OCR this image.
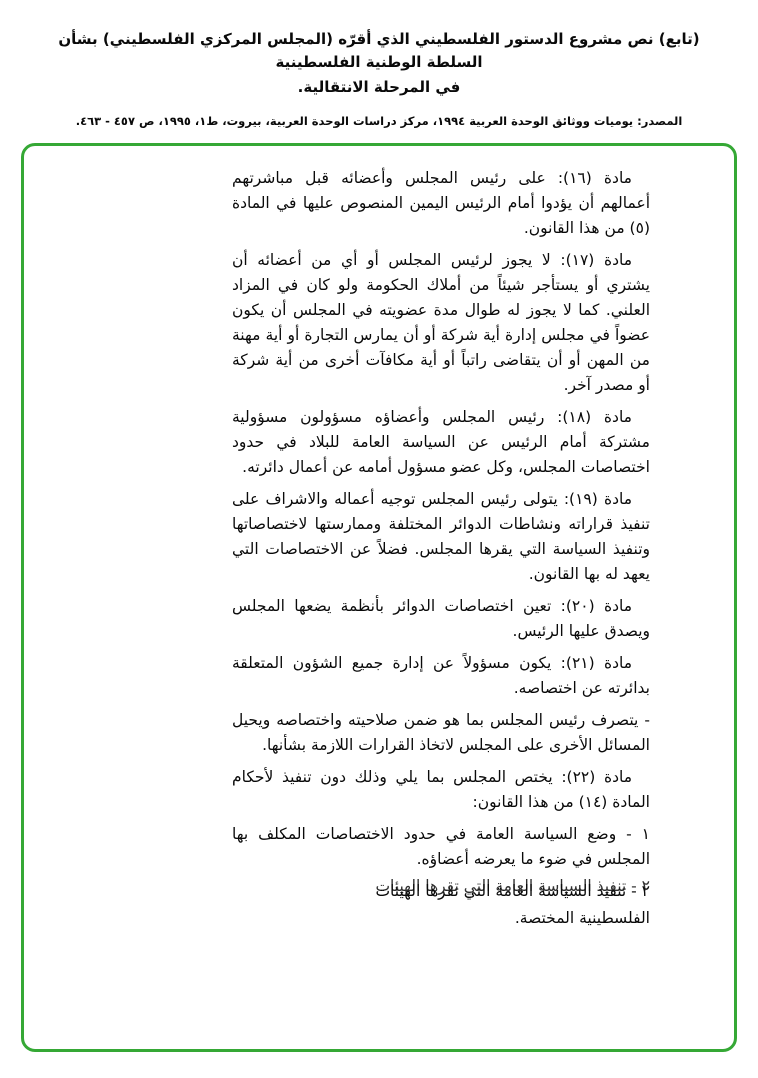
(تابع) نص مشروع الدستور الفلسطيني الذي أقرّه (المجلس المركزي الفلسطيني) بشأن السلطة الوطنية الفلسطينية
في المرحلة الانتقالية.
المصدر: يوميات ووثائق الوحدة العربية ١٩٩٤، مركز دراسات الوحدة العربية، بيروت، ط١، ١٩٩٥، ص ٤٥٧ - ٤٦٣.

مادة (١٦): على رئيس المجلس وأعضائه قبل مباشرتهم أعمالهم أن يؤدوا أمام الرئيس اليمين المنصوص عليها في المادة (٥) من هذا القانون.

مادة (١٧): لا يجوز لرئيس المجلس أو أي من أعضائه أن يشتري أو يستأجر شيئاً من أملاك الحكومة ولو كان في المزاد العلني. كما لا يجوز له طوال مدة عضويته في المجلس أن يكون عضواً في مجلس إدارة أية شركة أو أن يمارس التجارة أو أية مهنة من المهن أو أن يتقاضى راتباً أو أية مكافآت أخرى من أية شركة أو مصدر آخر.

مادة (١٨): رئيس المجلس وأعضاؤه مسؤولون مسؤولية مشتركة أمام الرئيس عن السياسة العامة للبلاد في حدود اختصاصات المجلس، وكل عضو مسؤول أمامه عن أعمال دائرته.

مادة (١٩): يتولى رئيس المجلس توجيه أعماله والاشراف على تنفيذ قراراته ونشاطات الدوائر المختلفة وممارستها لاختصاصاتها وتنفيذ السياسة التي يقرها المجلس. فضلاً عن الاختصاصات التي يعهد له بها القانون.

مادة (٢٠): تعين اختصاصات الدوائر بأنظمة يضعها المجلس ويصدق عليها الرئيس.

مادة (٢١): يكون مسؤولاً عن إدارة جميع الشؤون المتعلقة بدائرته عن اختصاصه.

- يتصرف رئيس المجلس بما هو ضمن صلاحيته واختصاصه ويحيل المسائل الأخرى على المجلس لاتخاذ القرارات اللازمة بشأنها.

مادة (٢٢): يختص المجلس بما يلي وذلك دون تنفيذ لأحكام المادة (١٤) من هذا القانون:

١ - وضع السياسة العامة في حدود الاختصاصات المكلف بها المجلس في ضوء ما يعرضه أعضاؤه.

٢ - تنفيذ السياسة العامة التي تقرها الهيئات

الفلسطينية المختصة.
